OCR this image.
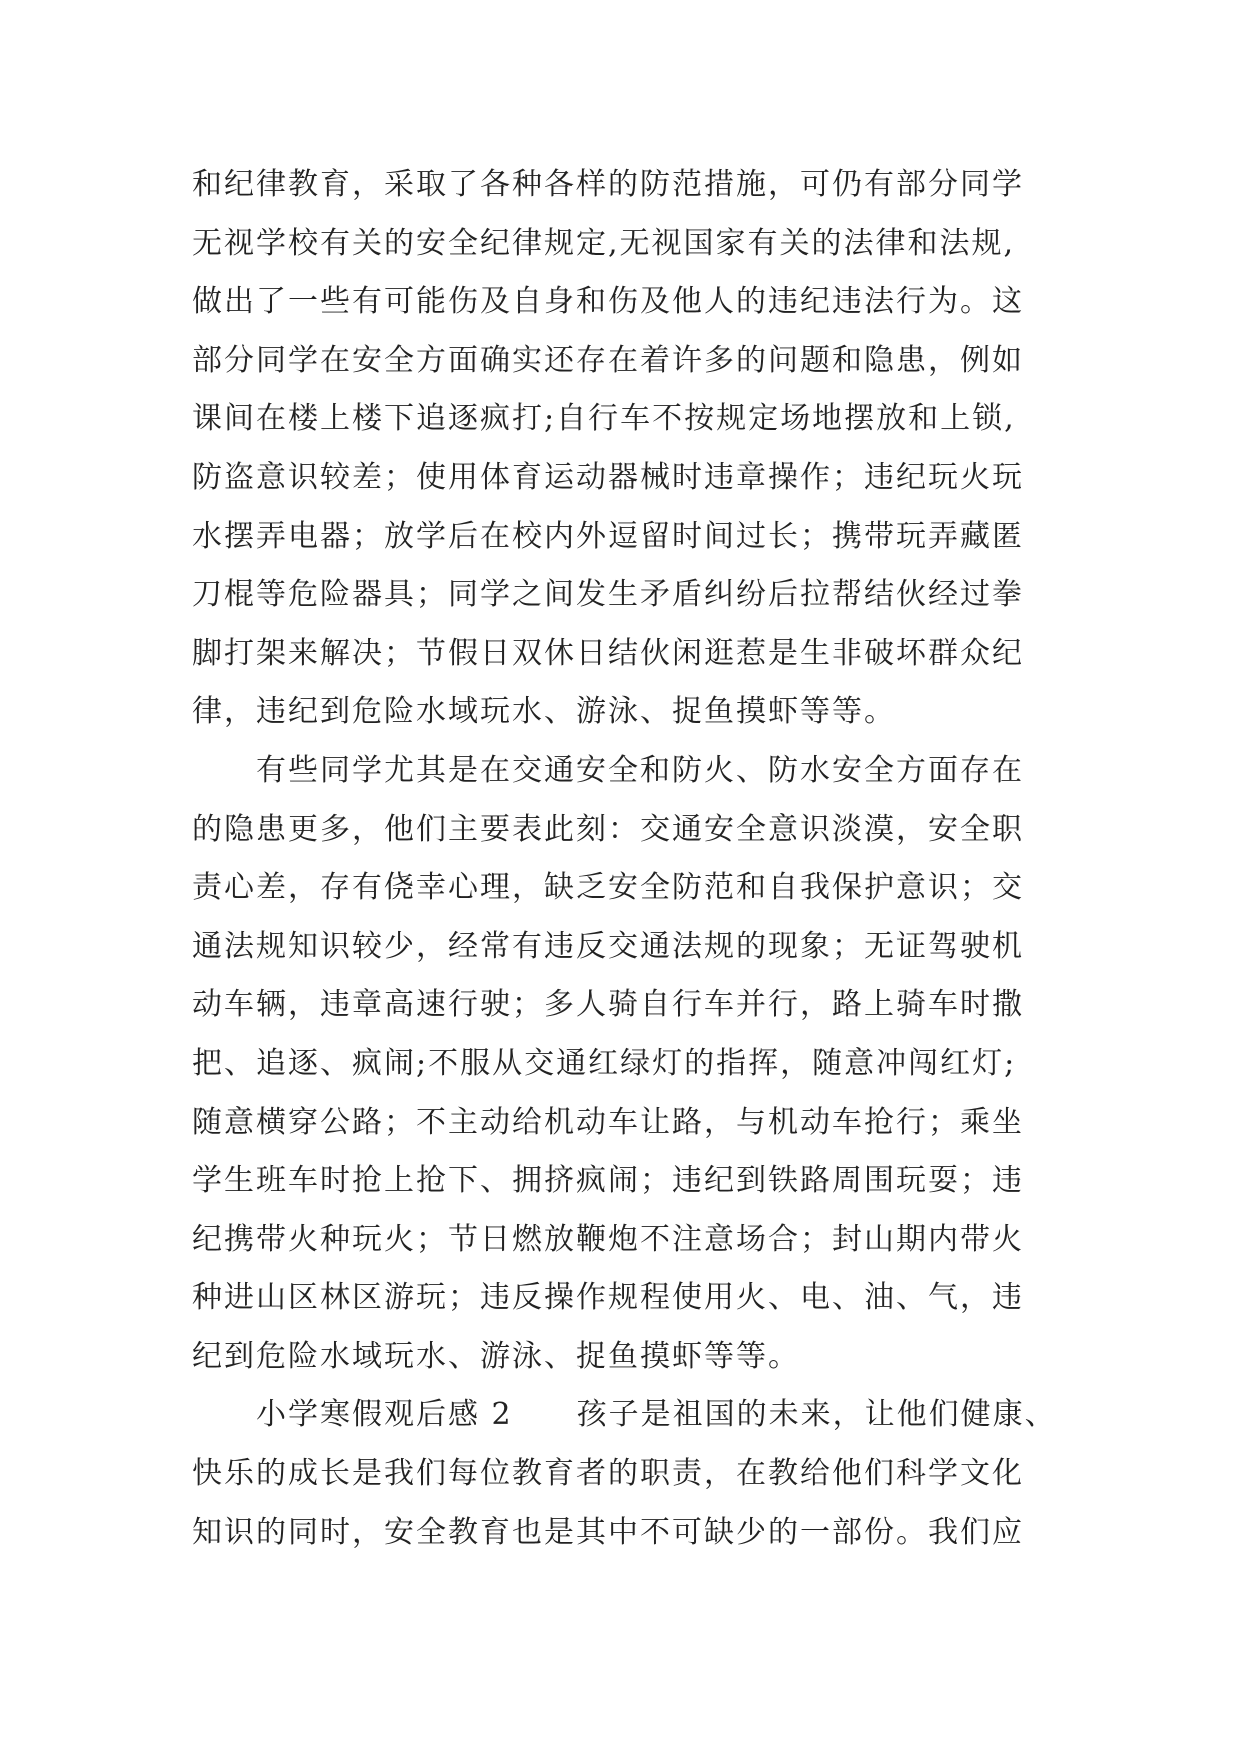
和纪律教育，采取了各种各样的防范措施，可仍有部分同学
无视学校有关的安全纪律规定,无视国家有关的法律和法规,
做出了一些有可能伤及自身和伤及他人的违纪违法行为。这
部分同学在安全方面确实还存在着许多的问题和隐患，例如
课间在楼上楼下追逐疯打;自行车不按规定场地摆放和上锁,
防盗意识较差；使用体育运动器械时违章操作；违纪玩火玩
水摆弄电器；放学后在校内外逗留时间过长；携带玩弄藏匿
刀棍等危险器具；同学之间发生矛盾纠纷后拉帮结伙经过拳
脚打架来解决；节假日双休日结伙闲逛惹是生非破坏群众纪
律，违纪到危险水域玩水、游泳、捉鱼摸虾等等。
　　有些同学尤其是在交通安全和防火、防水安全方面存在
的隐患更多，他们主要表此刻：交通安全意识淡漠，安全职
责心差，存有侥幸心理，缺乏安全防范和自我保护意识；交
通法规知识较少，经常有违反交通法规的现象；无证驾驶机
动车辆，违章高速行驶；多人骑自行车并行，路上骑车时撒
把、追逐、疯闹;不服从交通红绿灯的指挥，随意冲闯红灯;
随意横穿公路；不主动给机动车让路，与机动车抢行；乘坐
学生班车时抢上抢下、拥挤疯闹；违纪到铁路周围玩耍；违
纪携带火种玩火；节日燃放鞭炮不注意场合；封山期内带火
种进山区林区游玩；违反操作规程使用火、电、油、气，违
纪到危险水域玩水、游泳、捉鱼摸虾等等。
　　小学寒假观后感 2　　孩子是祖国的未来，让他们健康、
快乐的成长是我们每位教育者的职责，在教给他们科学文化
知识的同时，安全教育也是其中不可缺少的一部份。我们应
